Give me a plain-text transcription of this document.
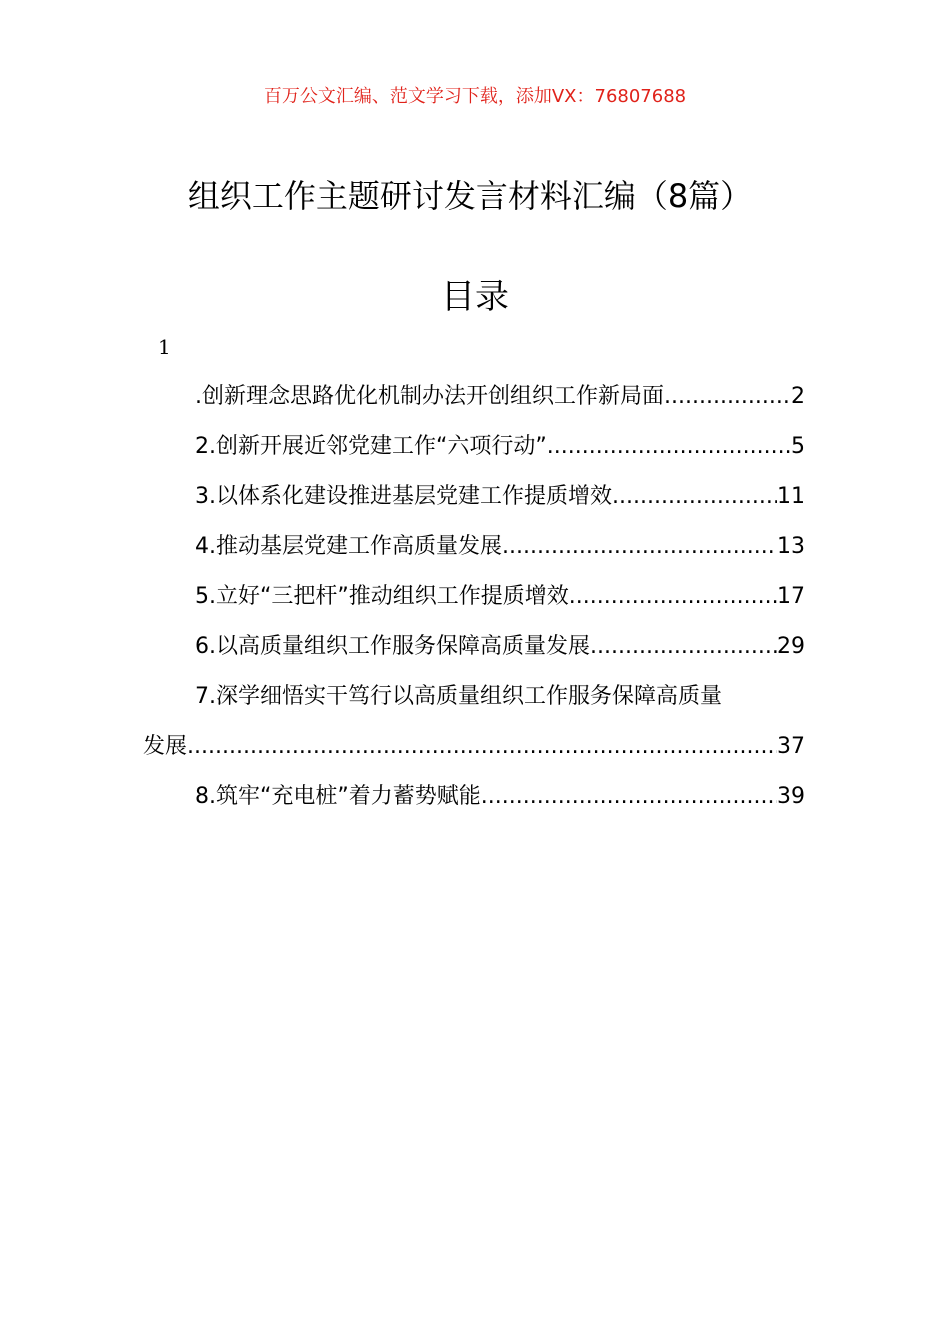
百万公文汇编、范文学习下载，添加VX：76807688
组织工作主题研讨发言材料汇编（8篇）
目录
1
.创新理念思路优化机制办法开创组织工作新局面 .....	2
2.创新开展近邻党建工作“六项行动” .....	5
3.以体系化建设推进基层党建工作提质增效 .....	11
4.推动基层党建工作高质量发展 .....	13
5.立好“三把杆”推动组织工作提质增效 .....	17
6.以高质量组织工作服务保障高质量发展 .....	29
7.深学细悟实干笃行以高质量组织工作服务保障高质量
发展 .....	37
8.筑牢“充电桩”着力蓄势赋能 .....	39
